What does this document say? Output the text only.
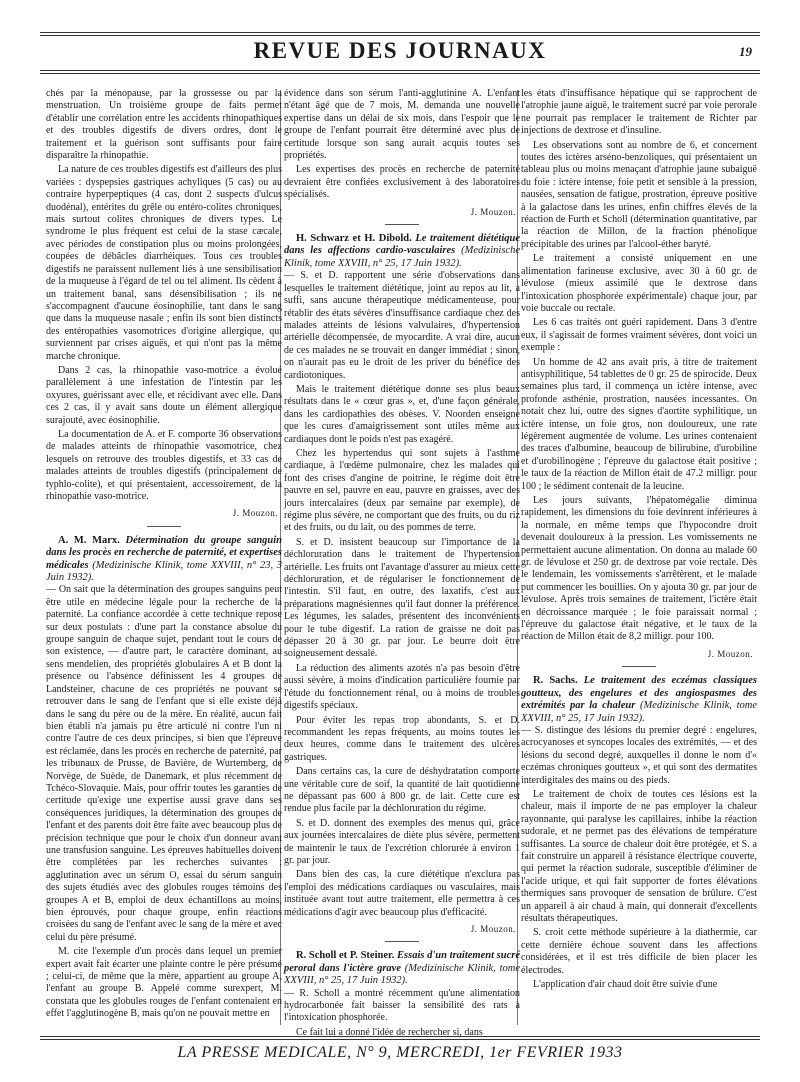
REVUE DES JOURNAUX	19

chés par la ménopause, par la grossesse ou par la menstruation. Un troisième groupe de faits permet d'établir une corrélation entre les accidents rhinopathiques et des troubles digestifs de divers ordres, dont le traitement et la guérison sont suffisants pour faire disparaître la rhinopathie.

La nature de ces troubles digestifs est d'ailleurs des plus variées : dyspepsies gastriques achyliques (5 cas) ou au contraire hyperpeptiques (4 cas, dont 2 suspects d'ulcus duodénal), entérites du grêle ou entéro-colites chroniques, mais surtout colites chroniques de divers types. Le syndrome le plus fréquent est celui de la stase cæcale, avec périodes de constipation plus ou moins prolongées, coupées de débâcles diarrhéiques. Tous ces troubles digestifs ne paraissent nullement liés à une sensibilisation de la muqueuse à l'égard de tel ou tel aliment. Ils cèdent à un traitement banal, sans désensibilisation ; ils ne s'accompagnent d'aucune éosinophilie, tant dans le sang que dans la muqueuse nasale ; enfin ils sont bien distincts des entéropathies vasomotrices d'origine allergique, qui surviennent par crises aiguës, et qui n'ont pas la même marche chronique.

Dans 2 cas, la rhinopathie vaso-motrice a évolué parallèlement à une infestation de l'intestin par les oxyures, guérissant avec elle, et récidivant avec elle. Dans ces 2 cas, il y avait sans doute un élément allergique surajouté, avec éosinophilie.

La documentation de A. et F. comporte 36 observations de malades atteints de rhinopathie vasomotrice, chez lesquels on retrouve des troubles digestifs, et 33 cas de malades atteints de troubles digestifs (principalement de typhlo-colite), et qui présentaient, accessoirement, de la rhinopathie vaso-motrice.

J. Mouzon.
A. M. Marx. Détermination du groupe sanguin dans les procès en recherche de paternité, et expertises médicales (Medizinische Klinik, tome XXVIII, n° 23, 3 Juin 1932).

— On sait que la détermination des groupes sanguins peut être utile en médecine légale pour la recherche de la paternité. La confiance accordée à cette technique repose sur deux postulats : d'une part la constance absolue du groupe sanguin de chaque sujet, pendant tout le cours de son existence, — d'autre part, le caractère dominant, au sens mendelien, des propriétés globulaires A et B dont la présence ou l'absence définissent les 4 groupes de Landsteiner, chacune de ces propriétés ne pouvant se retrouver dans le sang de l'enfant que si elle existe déjà dans le sang du père ou de la mère. En réalité, aucun fait bien établi n'a jamais pu être articulé ni contre l'un ni contre l'autre de ces deux principes, si bien que l'épreuve est réclamée, dans les procès en recherche de paternité, par les tribunaux de Prusse, de Bavière, de Wurtemberg, de Norvège, de Suède, de Danemark, et plus récemment de Tchéco-Slovaquie. Mais, pour offrir toutes les garanties de certitude qu'exige une expertise aussi grave dans ses conséquences juridiques, la détermination des groupes de l'enfant et des parents doit être faite avec beaucoup plus de précision technique que pour le choix d'un donneur avant une transfusion sanguine. Les épreuves habituelles doivent être complétées par les recherches suivantes : agglutination avec un sérum O, essai du sérum sanguin des sujets étudiés avec des globules rouges témoins des groupes A et B, emploi de deux échantillons au moins, bien éprouvés, pour chaque groupe, enfin réactions croisées du sang de l'enfant avec le sang de la mère et avec celui du père présumé.

M. cite l'exemple d'un procès dans lequel un premier expert avait fait écarter une plainte contre le père présumé ; celui-ci, de même que la mère, appartient au groupe A, l'enfant au groupe B. Appelé comme surexpert, M. constata que les globules rouges de l'enfant contenaient en effet l'agglutinogène B, mais qu'on ne pouvait mettre en

évidence dans son sérum l'anti-agglutinine A. L'enfant n'étant âgé que de 7 mois, M. demanda une nouvelle expertise dans un délai de six mois, dans l'espoir que le groupe de l'enfant pourrait être déterminé avec plus de certitude lorsque son sang aurait acquis toutes ses propriétés.

Les expertises des procès en recherche de paternité devraient être confiées exclusivement à des laboratoires spécialisés.

J. Mouzon.
H. Schwarz et H. Dibold. Le traitement diététique dans les affections cardio-vasculaires (Medizinische Klinik, tome XXVIII, n° 25, 17 Juin 1932).

— S. et D. rapportent une série d'observations dans lesquelles le traitement diététique, joint au repos au lit, a suffi, sans aucune thérapeutique médicamenteuse, pour rétablir des états sévères d'insuffisance cardiaque chez des malades atteints de lésions valvulaires, d'hypertension artérielle décompensée, de myocardite. A vrai dire, aucun de ces malades ne se trouvait en danger immédiat ; sinon, on n'aurait pas eu le droit de les priver du bénéfice des cardiotoniques.

Mais le traitement diététique donne ses plus beaux résultats dans le « cœur gras », et, d'une façon générale, dans les cardiopathies des obèses. V. Noorden enseigne que les cures d'amaigrissement sont utiles même aux cardiaques dont le poids n'est pas exagéré.

Chez les hypertendus qui sont sujets à l'asthme cardiaque, à l'œdème pulmonaire, chez les malades qui font des crises d'angine de poitrine, le régime doit être pauvre en sel, pauvre en eau, pauvre en graisses, avec des jours intercalaires (deux par semaine par exemple), de régime plus sévère, ne comportant que des fruits, ou du riz et des fruits, ou du lait, ou des pommes de terre.

S. et D. insistent beaucoup sur l'importance de la déchloruration dans le traitement de l'hypertension artérielle. Les fruits ont l'avantage d'assurer au mieux cette déchloruration, et de régulariser le fonctionnement de l'intestin. S'il faut, en outre, des laxatifs, c'est aux préparations magnésiennes qu'il faut donner la préférence. Les légumes, les salades, présentent des inconvénients pour le tube digestif. La ration de graisse ne doit pas dépasser 20 à 30 gr. par jour. Le beurre doit être soigneusement dessalé.

La réduction des aliments azotés n'a pas besoin d'être aussi sévère, à moins d'indication particulière fournie par l'étude du fonctionnement rénal, ou à moins de troubles digestifs spéciaux.

Pour éviter les repas trop abondants, S. et D. recommandent les repas fréquents, au moins toutes les deux heures, comme dans le traitement des ulcères gastriques.

Dans certains cas, la cure de déshydratation comporte une véritable cure de soif, la quantité de lait quotidienne ne dépassant pas 600 à 800 gr. de lait. Cette cure est rendue plus facile par la déchloruration du régime.

S. et D. donnent des exemples des menus qui, grâce aux journées intercalaires de diète plus sévère, permettent de maintenir le taux de l'excrétion chlorurée à environ 1 gr. par jour.

Dans bien des cas, la cure diététique n'exclura pas l'emploi des médications cardiaques ou vasculaires, mais instituée avant tout autre traitement, elle permettra à ces médications d'agir avec beaucoup plus d'efficacité.

J. Mouzon.
R. Scholl et P. Steiner. Essais d'un traitement sucré peroral dans l'ictère grave (Medizinische Klinik, tome XXVIII, n° 25, 17 Juin 1932).

— R. Scholl a montré récemment qu'une alimentation hydrocarbonée fait baisser la sensibilité des rats à l'intoxication phosphorée.

Ce fait lui a donné l'idée de rechercher si, dans

les états d'insuffisance hépatique qui se rapprochent de l'atrophie jaune aiguë, le traitement sucré par voie perorale ne pourrait pas remplacer le traitement de Richter par injections de dextrose et d'insuline.

Les observations sont au nombre de 6, et concernent toutes des ictères arséno-benzoliques, qui présentaient un tableau plus ou moins menaçant d'atrophie jaune subaiguë du foie : ictère intense, foie petit et sensible à la pression, nausées, sensation de fatigue, prostration, épreuve positive à la galactose dans les urines, enfin chiffres élevés de la réaction de Furth et Scholl (détermination quantitative, par la réaction de Millon, de la fraction phénolique précipitable des urines par l'alcool-éther baryté.

Le traitement a consisté uniquement en une alimentation farineuse exclusive, avec 30 à 60 gr. de lévulose (mieux assimilé que le dextrose dans l'intoxication phosphorée expérimentale) chaque jour, par voie buccale ou rectale.

Les 6 cas traités ont guéri rapidement. Dans 3 d'entre eux, il s'agissait de formes vraiment sévères, dont voici un exemple :

Un homme de 42 ans avait pris, à titre de traitement antisyphilitique, 54 tablettes de 0 gr. 25 de spirocide. Deux semaines plus tard, il commença un ictère intense, avec profonde asthénie, prostration, nausées incessantes. On notait chez lui, outre des signes d'aortite syphilitique, un ictère intense, un foie gros, non douloureux, une rate légèrement augmentée de volume. Les urines contenaient des traces d'albumine, beaucoup de bilirubine, d'urobiline et d'urobilinogène ; l'épreuve du galactose était positive ; le taux de la réaction de Millon était de 47.2 milligr. pour 100 ; le sédiment contenait de la leucine.

Les jours suivants, l'hépatomégalie diminua rapidement, les dimensions du foie devinrent inférieures à la normale, en même temps que l'hypocondre droit devenait douloureux à la pression. Les vomissements ne permettaient aucune alimentation. On donna au malade 60 gr. de lévulose et 250 gr. de dextrose par voie rectale. Dès le lendemain, les vomissements s'arrêtèrent, et le malade put commencer les bouillies. On y ajouta 30 gr. par jour de lévulose. Après trois semaines de traitement, l'ictère était en décroissance marquée ; le foie paraissait normal ; l'épreuve du galactose était négative, et le taux de la réaction de Millon était de 8,2 milligr. pour 100.

J. Mouzon.
R. Sachs. Le traitement des eczémas classiques goutteux, des engelures et des angiospasmes des extrémités par la chaleur (Medizinische Klinik, tome XXVIII, n° 25, 17 Juin 1932).

— S. distingue des lésions du premier degré : engelures, acrocyanoses et syncopes locales des extrémités, — et des lésions du second degré, auxquelles il donne le nom d'« eczémas chroniques goutteux », et qui sont des dermatites interdigitales des mains ou des pieds.

Le traitement de choix de toutes ces lésions est la chaleur, mais il importe de ne pas employer la chaleur rayonnante, qui paralyse les capillaires, inhibe la réaction sudorale, et ne permet pas des élévations de température suffisantes. La source de chaleur doit être protégée, et S. a fait construire un appareil à résistance électrique couverte, qui permet la réaction sudorale, susceptible d'éliminer de l'acide urique, et qui fait supporter de fortes élévations thermiques sans provoquer de sensation de brûlure. C'est un appareil à air chaud à main, qui donnerait d'excellents résultats thérapeutiques.

S. croit cette méthode supérieure à la diathermie, car cette dernière échoue souvent dans les affections considérées, et il est très difficile de bien placer les électrodes.

L'application d'air chaud doit être suivie d'une

LA PRESSE MEDICALE, N° 9, MERCREDI, 1er FEVRIER 1933
